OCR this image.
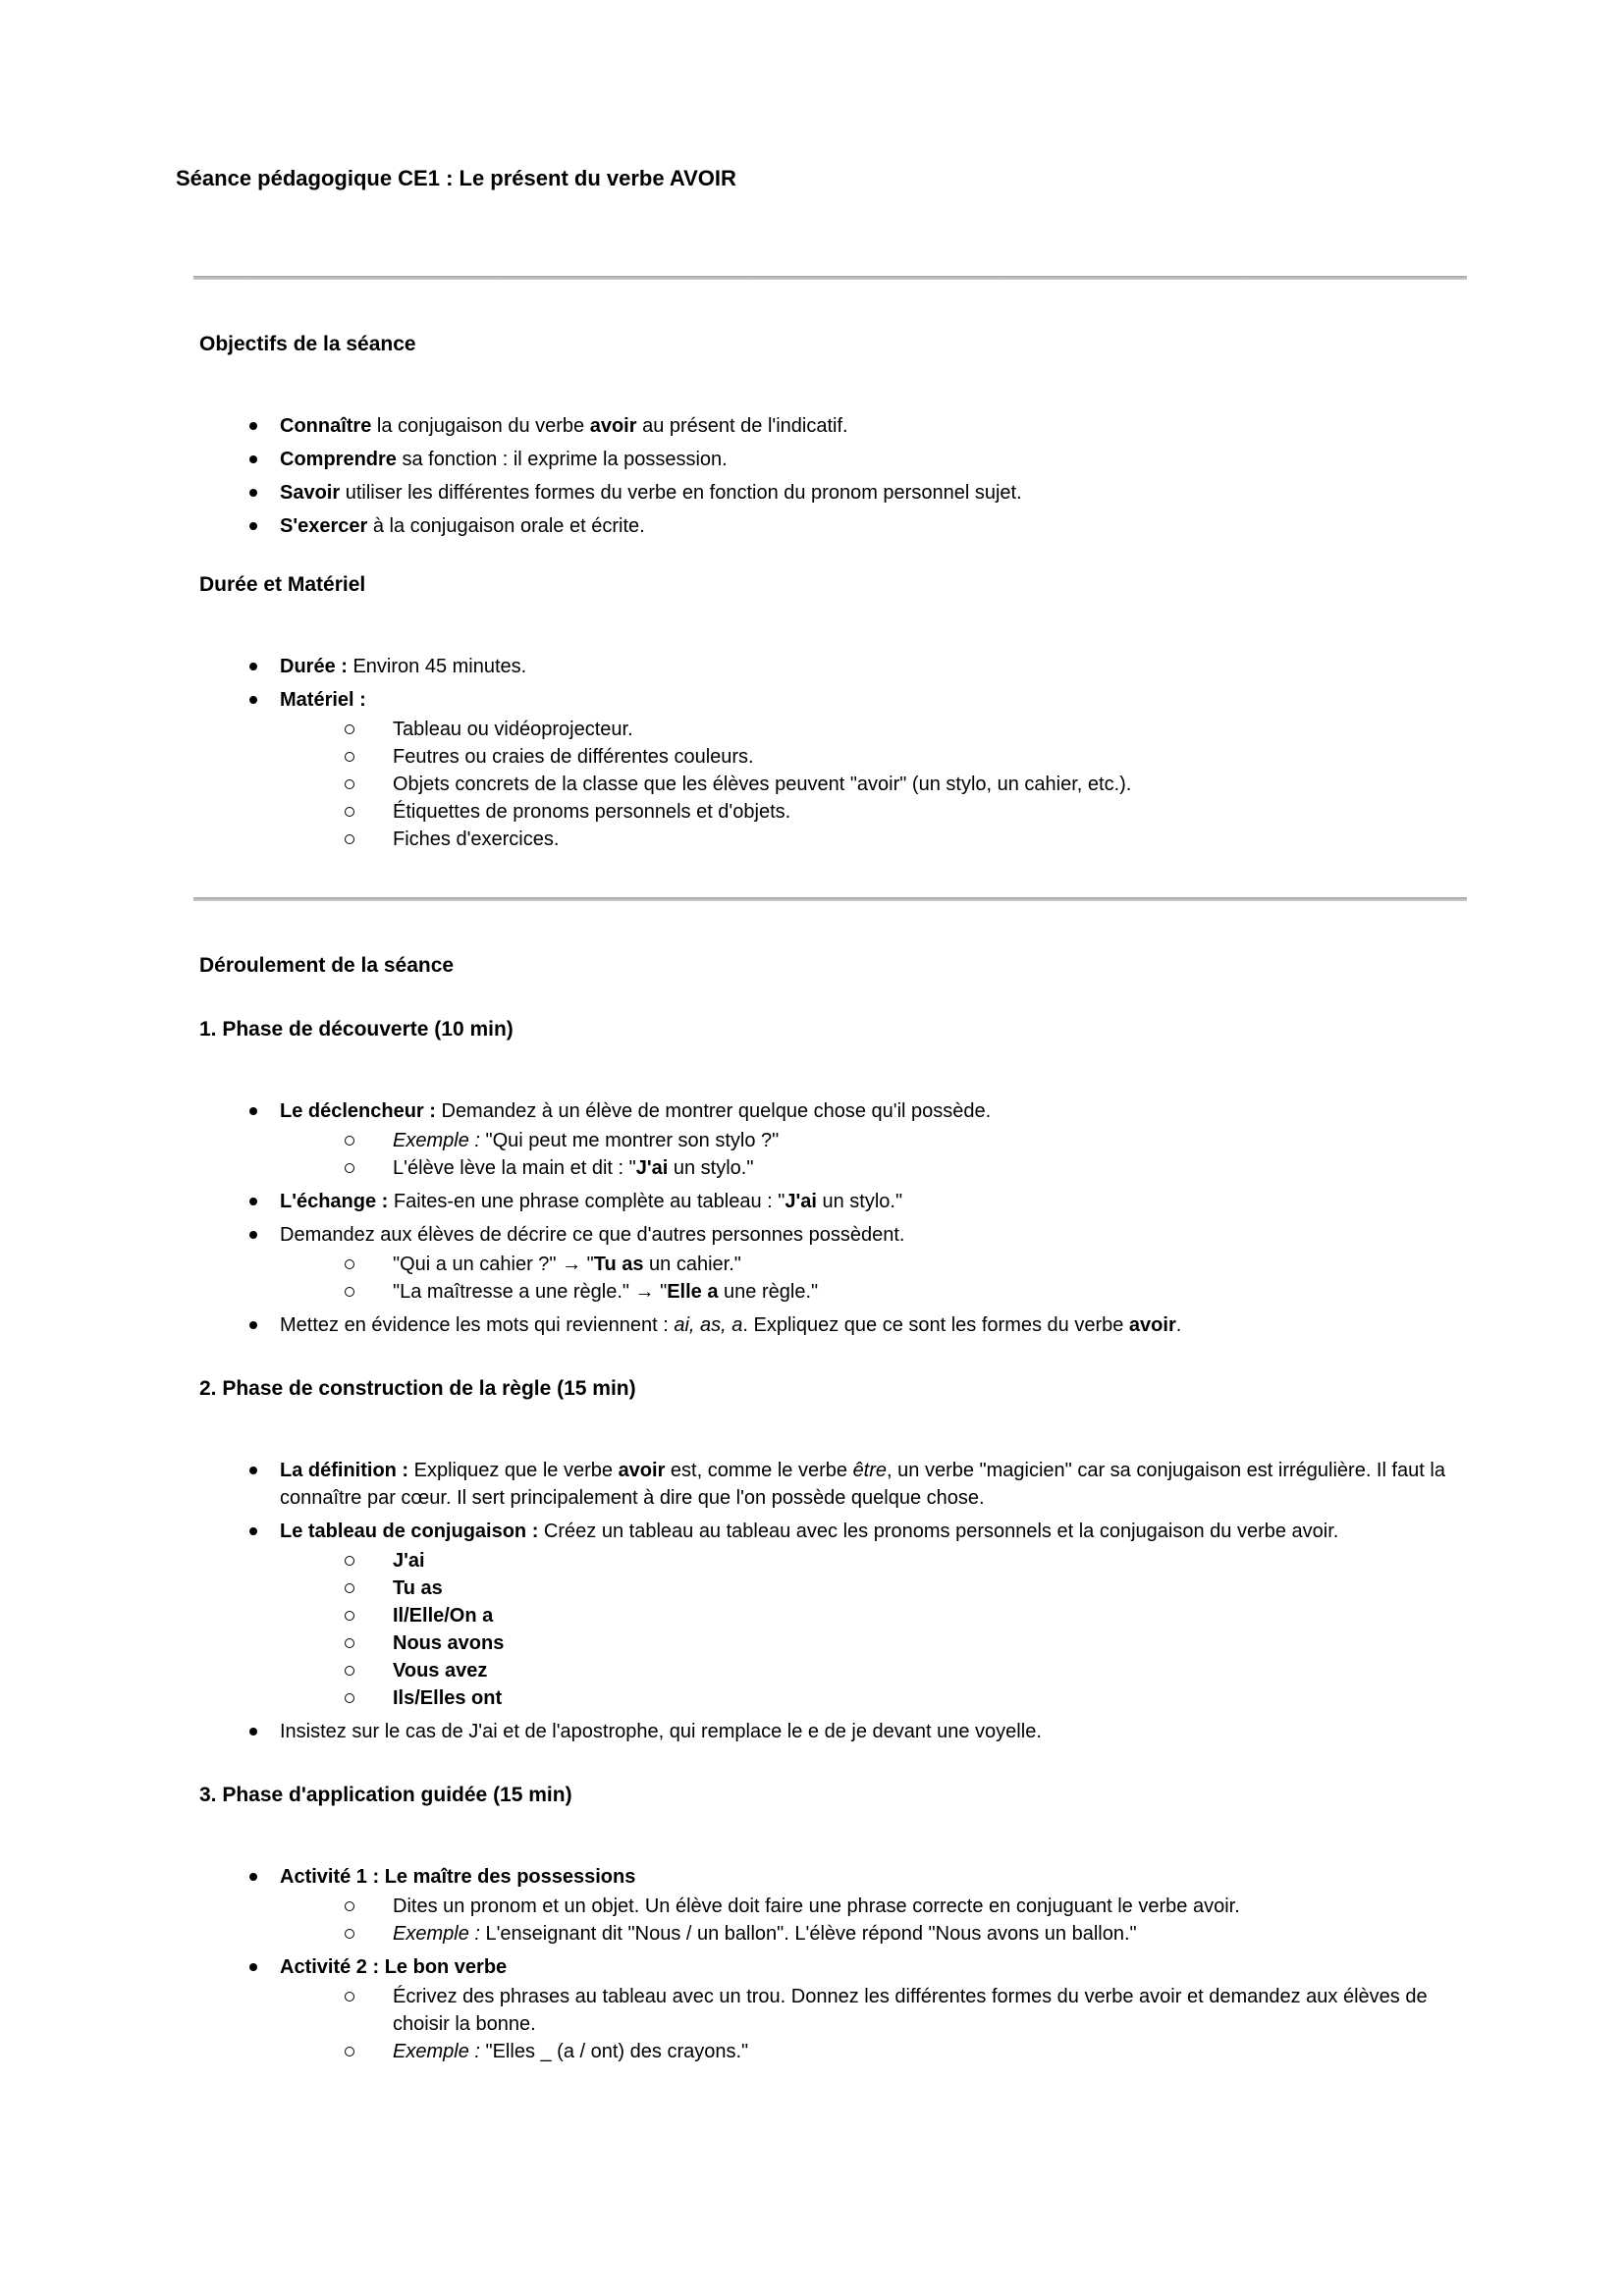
Séance pédagogique CE1 : Le présent du verbe AVOIR
Objectifs de la séance
Connaître la conjugaison du verbe avoir au présent de l'indicatif.
Comprendre sa fonction : il exprime la possession.
Savoir utiliser les différentes formes du verbe en fonction du pronom personnel sujet.
S'exercer à la conjugaison orale et écrite.
Durée et Matériel
Durée : Environ 45 minutes.
Matériel :
Tableau ou vidéoprojecteur.
Feutres ou craies de différentes couleurs.
Objets concrets de la classe que les élèves peuvent "avoir" (un stylo, un cahier, etc.).
Étiquettes de pronoms personnels et d'objets.
Fiches d'exercices.
Déroulement de la séance
1. Phase de découverte (10 min)
Le déclencheur : Demandez à un élève de montrer quelque chose qu'il possède.
Exemple : "Qui peut me montrer son stylo ?"
L'élève lève la main et dit : "J'ai un stylo."
L'échange : Faites-en une phrase complète au tableau : "J'ai un stylo."
Demandez aux élèves de décrire ce que d'autres personnes possèdent.
"Qui a un cahier ?" → "Tu as un cahier."
"La maîtresse a une règle." → "Elle a une règle."
Mettez en évidence les mots qui reviennent : ai, as, a. Expliquez que ce sont les formes du verbe avoir.
2. Phase de construction de la règle (15 min)
La définition : Expliquez que le verbe avoir est, comme le verbe être, un verbe "magicien" car sa conjugaison est irrégulière. Il faut la connaître par cœur. Il sert principalement à dire que l'on possède quelque chose.
Le tableau de conjugaison : Créez un tableau au tableau avec les pronoms personnels et la conjugaison du verbe avoir.
J'ai
Tu as
Il/Elle/On a
Nous avons
Vous avez
Ils/Elles ont
Insistez sur le cas de J'ai et de l'apostrophe, qui remplace le e de je devant une voyelle.
3. Phase d'application guidée (15 min)
Activité 1 : Le maître des possessions
Dites un pronom et un objet. Un élève doit faire une phrase correcte en conjuguant le verbe avoir.
Exemple : L'enseignant dit "Nous / un ballon". L'élève répond "Nous avons un ballon."
Activité 2 : Le bon verbe
Écrivez des phrases au tableau avec un trou. Donnez les différentes formes du verbe avoir et demandez aux élèves de choisir la bonne.
Exemple : "Elles _ (a / ont) des crayons."
